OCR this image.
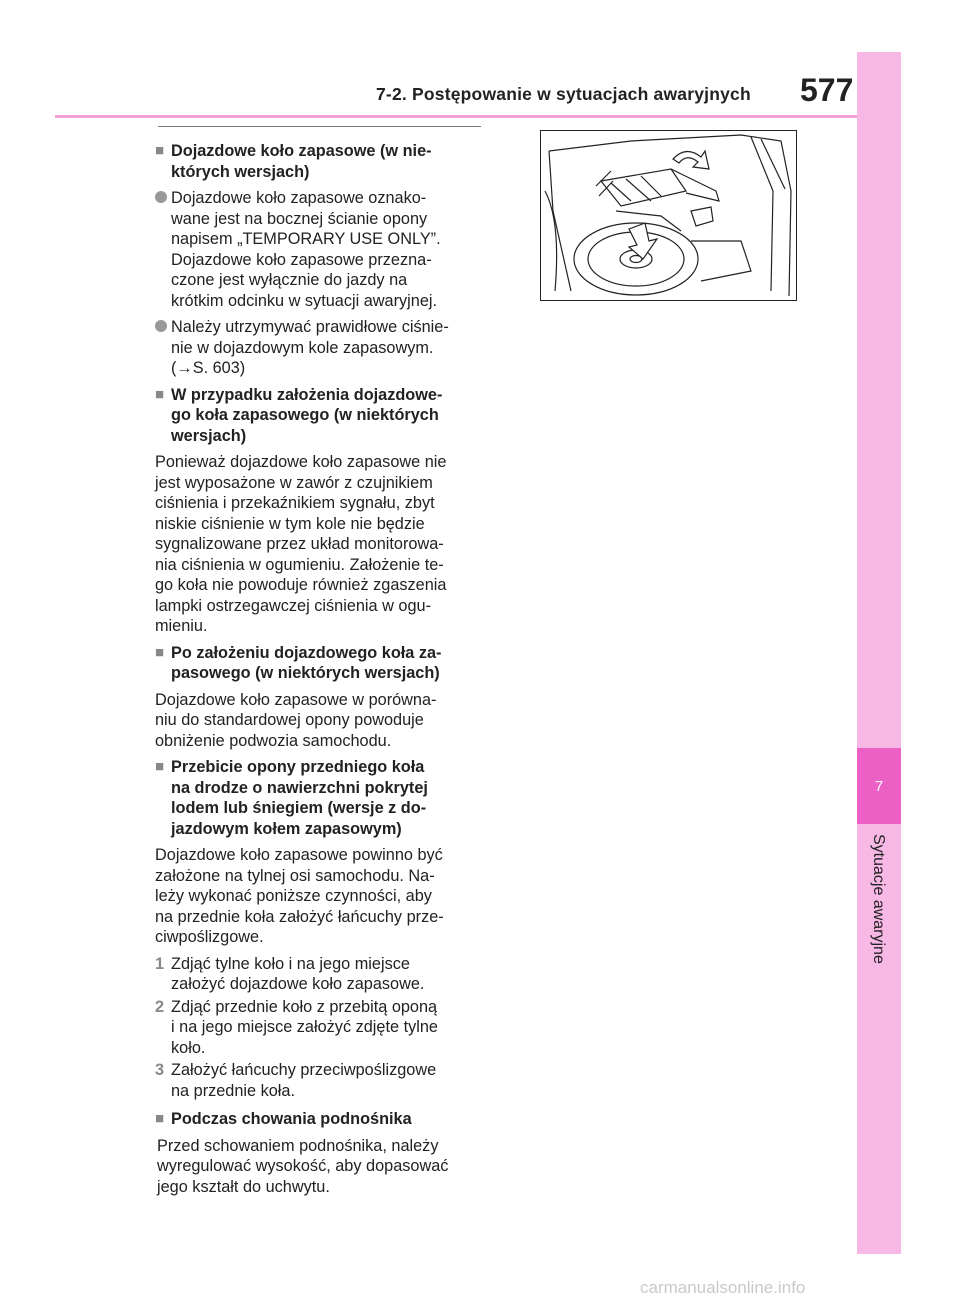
7-2. Postępowanie w sytuacjach awaryjnych 577
7
Sytuacje awaryjne
■ Dojazdowe koło zapasowe (w nie-
których wersjach)
Dojazdowe koło zapasowe oznako-
wane jest na bocznej ścianie opony
napisem „TEMPORARY USE ONLY”.
Dojazdowe koło zapasowe przezna-
czone jest wyłącznie do jazdy na
krótkim odcinku w sytuacji awaryjnej.
Należy utrzymywać prawidłowe ciśnie-
nie w dojazdowym kole zapasowym.
(→S. 603)
■ W przypadku założenia dojazdowe-
go koła zapasowego (w niektórych
wersjach)
Ponieważ dojazdowe koło zapasowe nie
jest wyposażone w zawór z czujnikiem
ciśnienia i przekaźnikiem sygnału, zbyt
niskie ciśnienie w tym kole nie będzie
sygnalizowane przez układ monitorowa-
nia ciśnienia w ogumieniu. Założenie te-
go koła nie powoduje również zgaszenia
lampki ostrzegawczej ciśnienia w ogu-
mieniu.
■ Po założeniu dojazdowego koła za-
pasowego (w niektórych wersjach)
Dojazdowe koło zapasowe w porówna-
niu do standardowej opony powoduje
obniżenie podwozia samochodu.
■ Przebicie opony przedniego koła
na drodze o nawierzchni pokrytej
lodem lub śniegiem (wersje z do-
jazdowym kołem zapasowym)
Dojazdowe koło zapasowe powinno być
założone na tylnej osi samochodu. Na-
leży wykonać poniższe czynności, aby
na przednie koła założyć łańcuchy prze-
ciwpoślizgowe.
1 Zdjąć tylne koło i na jego miejsce
założyć dojazdowe koło zapasowe.
2 Zdjąć przednie koło z przebitą oponą
i na jego miejsce założyć zdjęte tylne
koło.
3 Założyć łańcuchy przeciwpoślizgowe
na przednie koła.
■ Podczas chowania podnośnika
Przed schowaniem podnośnika, należy
wyregulować wysokość, aby dopasować
jego kształt do uchwytu.
carmanualsonline.info
